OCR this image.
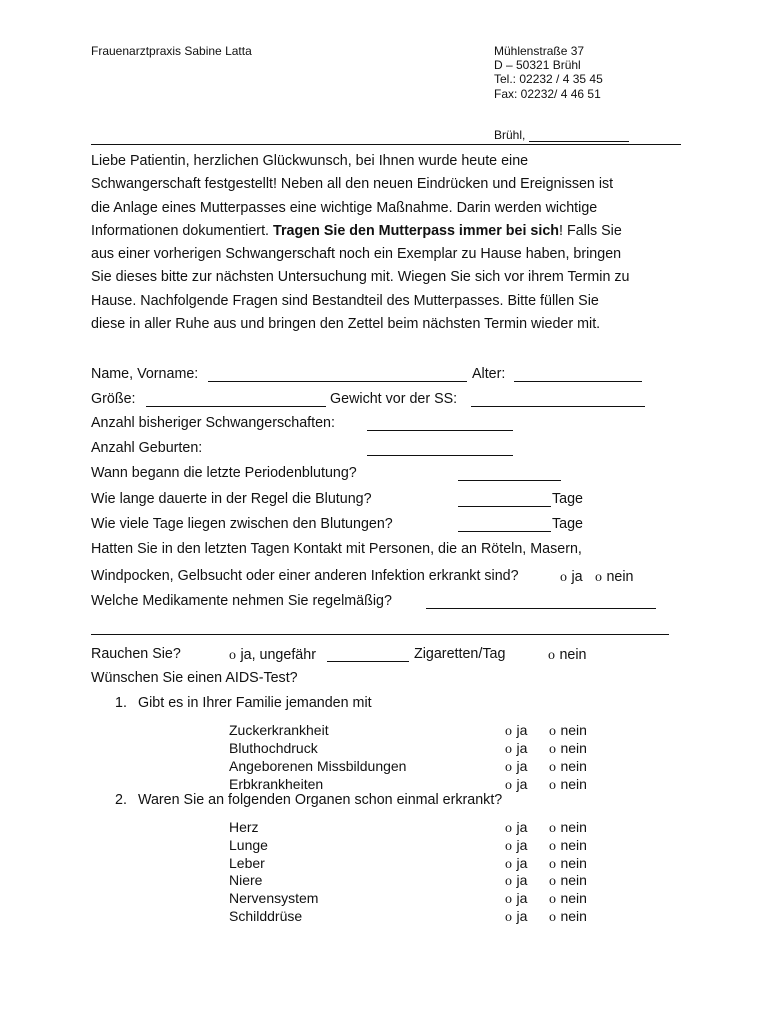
Frauenarztpraxis Sabine Latta	Mühlenstraße 37
D – 50321 Brühl
Tel.: 02232 / 4 35 45
Fax: 02232/ 4 46 51
Brühl,
Liebe Patientin, herzlichen Glückwunsch, bei Ihnen wurde heute eine
Schwangerschaft festgestellt! Neben all den neuen Eindrücken und Ereignissen ist
die Anlage eines Mutterpasses eine wichtige Maßnahme. Darin werden wichtige
Informationen dokumentiert. Tragen Sie den Mutterpass immer bei sich! Falls Sie
aus einer vorherigen Schwangerschaft noch ein Exemplar zu Hause haben, bringen
Sie dieses bitte zur nächsten Untersuchung mit. Wiegen Sie sich vor ihrem Termin zu
Hause. Nachfolgende Fragen sind Bestandteil des Mutterpasses. Bitte füllen Sie
diese in aller Ruhe aus und bringen den Zettel beim nächsten Termin wieder mit.
Name, Vorname:	Alter:
Größe:	Gewicht vor der SS:
Anzahl bisheriger Schwangerschaften:
Anzahl Geburten:
Wann begann die letzte Periodenblutung?
Wie lange dauerte in der Regel die Blutung?	Tage
Wie viele Tage liegen zwischen den Blutungen?	Tage
Hatten Sie in den letzten Tagen Kontakt mit Personen, die an Röteln, Masern,
Windpocken, Gelbsucht oder einer anderen Infektion erkrankt sind?	o ja o nein
Welche Medikamente nehmen Sie regelmäßig?
Rauchen Sie?	o ja, ungefähr	Zigaretten/Tag	o nein
Wünschen Sie einen AIDS-Test?
1. Gibt es in Ihrer Familie jemanden mit
Zuckerkrankheit	o ja o nein
Bluthochdruck	o ja o nein
Angeborenen Missbildungen	o ja o nein
Erbkrankheiten	o ja o nein
2. Waren Sie an folgenden Organen schon einmal erkrankt?
Herz	o ja o nein
Lunge	o ja o nein
Leber	o ja o nein
Niere	o ja o nein
Nervensystem	o ja o nein
Schilddrüse	o ja o nein
